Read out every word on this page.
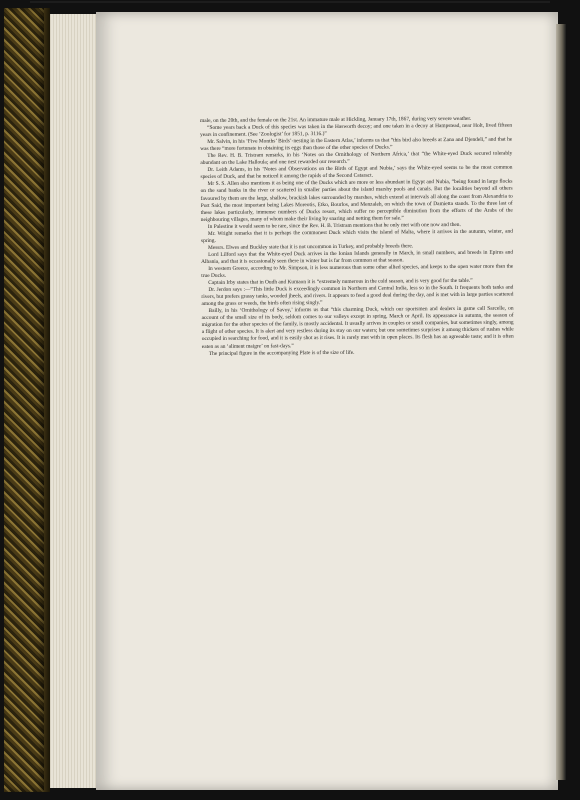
male, on the 20th, and the female on the 21st. An immature male at Hickling, January 17th, 1867, during very severe weather.

“Some years back a Duck of this species was taken in the Hasworth decoy; and one taken in a decoy at Hampstead, near Holt, lived fifteen years in confinement. (See ‘Zoologist’ for 1851, p. 3116.)”

Mr. Salvin, in his ‘Five Months’ Birds’-nesting in the Eastern Atlas,’ informs us that “this bird also breeds at Zana and Djendeli,” and that he was there “more fortunate in obtaining its eggs than those of the other species of Ducks.”

The Rev. H. B. Tristram remarks, in his ‘Notes on the Ornithology of Northern Africa,’ that “the White-eyed Duck secured tolerably abundant on the Lake Halloula; and one nest rewarded our research.”

Dr. Leith Adams, in his ‘Notes and Observations on the Birds of Egypt and Nubia,’ says the White-eyed seems to be the most common species of Duck, and that he noticed it among the rapids of the Second Cataract.

Mr S. S. Allen also mentions it as being one of the Ducks which are more or less abundant in Egypt and Nubia, “being found in large flocks on the sand banks in the river or scattered in smaller parties about the island marshy pools and canals. But the localities beyond all others favoured by them are the large, shallow, brackish lakes surrounded by marshes, which extend at intervals all along the coast from Alexandria to Port Said, the most important being Lakes Moreotis, Etko, Bourlos, and Menzaleh, on which the town of Damietta stands. To the three last of these lakes particularly, immense numbers of Ducks resort, which suffer no perceptible diminution from the efforts of the Arabs of the neighbouring villages, many of whom make their living by snaring and netting them for sale.”

In Palestine it would seem to be rare, since the Rev. H. B. Tristram mentions that he only met with one now and then.

Mr. Wright remarks that it is perhaps the commonest Duck which visits the island of Malta, where it arrives in the autumn, winter, and spring.

Messrs. Elwes and Buckley state that it is not uncommon in Turkey, and probably breeds there.

Lord Lilford says that the White-eyed Duck arrives in the Ionian Islands generally in March, in small numbers, and breeds in Epirus and Albania, and that it is occasionally seen there in winter but is far from common at that season.

In western Greece, according to Mr. Simpson, it is less numerous than some other allied species, and keeps to the open water more than the true Ducks.

Captain Irby states that in Oudh and Kumaon it is “extremely numerous in the cold season, and is very good for the table.”

Dr. Jerdon says :—“This little Duck is exceedingly common in Northern and Central India, less so in the South. It frequents both tanks and rivers, but prefers grassy tanks, wooded jheels, and rivers. It appears to feed a good deal during the day, and is met with in large parties scattered among the grass or weeds, the birds often rising singly.”

Bailly, in his ‘Ornithology of Savoy,’ informs us that “this charming Duck, which our sportsmen and dealers in game call Sarcelle, on account of the small size of its body, seldom comes to our valleys except in spring, March or April. Its appearance in autumn, the season of migration for the other species of the family, is mostly accidental. It usually arrives in couples or small companies, but sometimes singly, among a flight of other species. It is alert and very restless during its stay on our waters; but one sometimes surprises it among thickets of rushes while occupied in searching for food, and it is easily shot as it rises. It is rarely met with in open places. Its flesh has an agreeable taste; and it is often eaten as an ‘aliment maigre’ on fast-days.”

The principal figure in the accompanying Plate is of the size of life.
